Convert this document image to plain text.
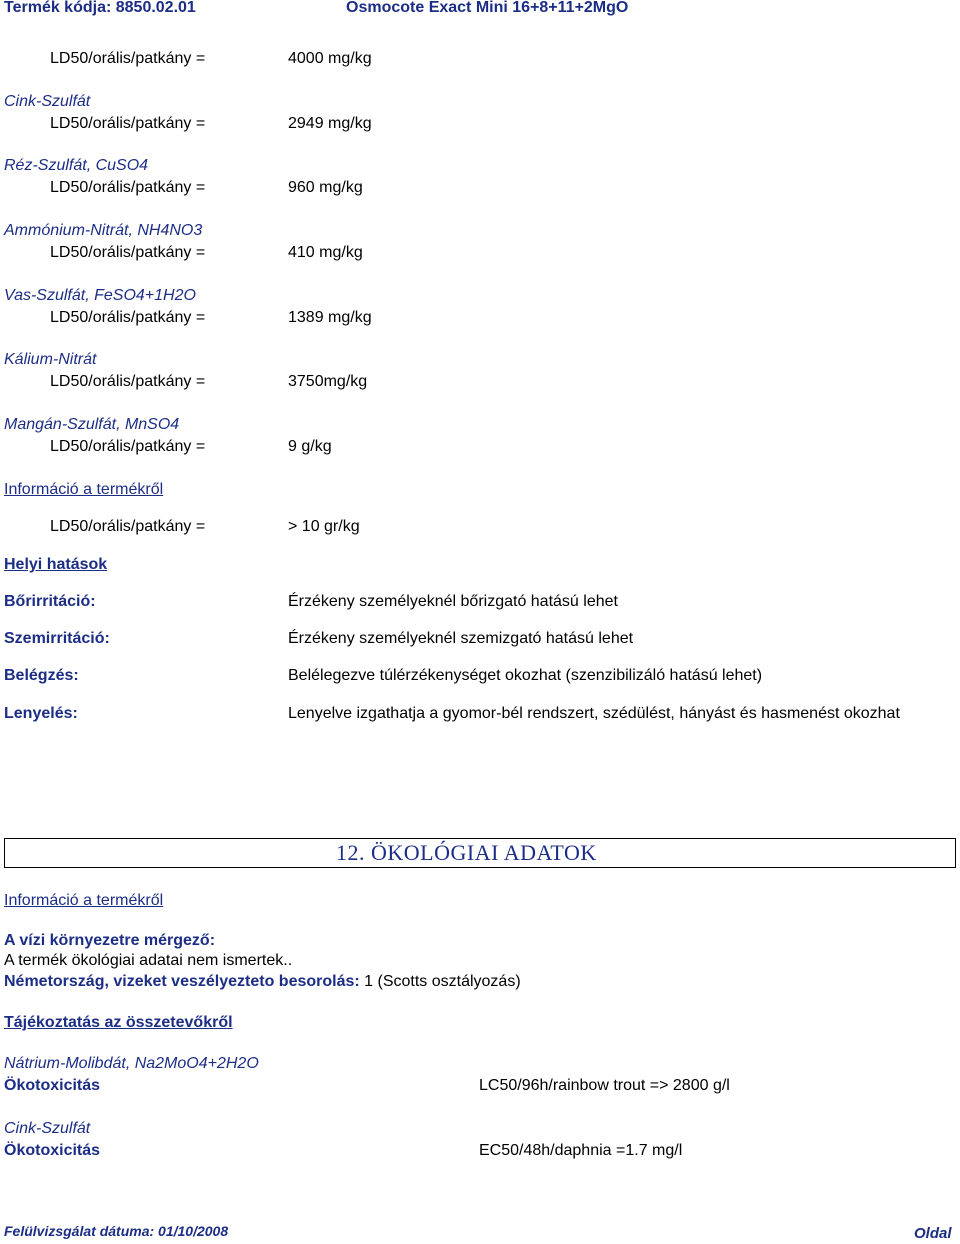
Termék kódja: 8850.02.01	Osmocote Exact Mini 16+8+11+2MgO
LD50/orális/patkány =	4000 mg/kg
Cink-Szulfát
LD50/orális/patkány =	2949 mg/kg
Réz-Szulfát, CuSO4
LD50/orális/patkány =	960 mg/kg
Ammónium-Nitrát, NH4NO3
LD50/orális/patkány =	410 mg/kg
Vas-Szulfát, FeSO4+1H2O
LD50/orális/patkány =	1389 mg/kg
Kálium-Nitrát
LD50/orális/patkány =	3750mg/kg
Mangán-Szulfát, MnSO4
LD50/orális/patkány =	9 g/kg
Információ a termékről
LD50/orális/patkány =	> 10 gr/kg
Helyi hatások
Bőrirritáció:	Érzékeny személyeknél bőrizgató hatású lehet
Szemirritáció:	Érzékeny személyeknél szemizgató hatású lehet
Belégzés:	Belélegezve túlérzékenységet okozhat (szenzibilizáló hatású lehet)
Lenyelés:	Lenyelve izgathatja a gyomor-bél rendszert, szédülést, hányást és hasmenést okozhat
12. ÖKOLÓGIAI ADATOK
Információ a termékről
A vízi környezetre mérgező:
A termék ökológiai adatai nem ismertek..
Németország, vizeket veszélyezteto besorolás: 1 (Scotts osztályozás)
Tájékoztatás az összetevőkről
Nátrium-Molibdát, Na2MoO4+2H2O
Ökotoxicitás	LC50/96h/rainbow trout => 2800 g/l
Cink-Szulfát
Ökotoxicitás	EC50/48h/daphnia =1.7 mg/l
Felülvizsgálat dátuma: 01/10/2008	Oldal
